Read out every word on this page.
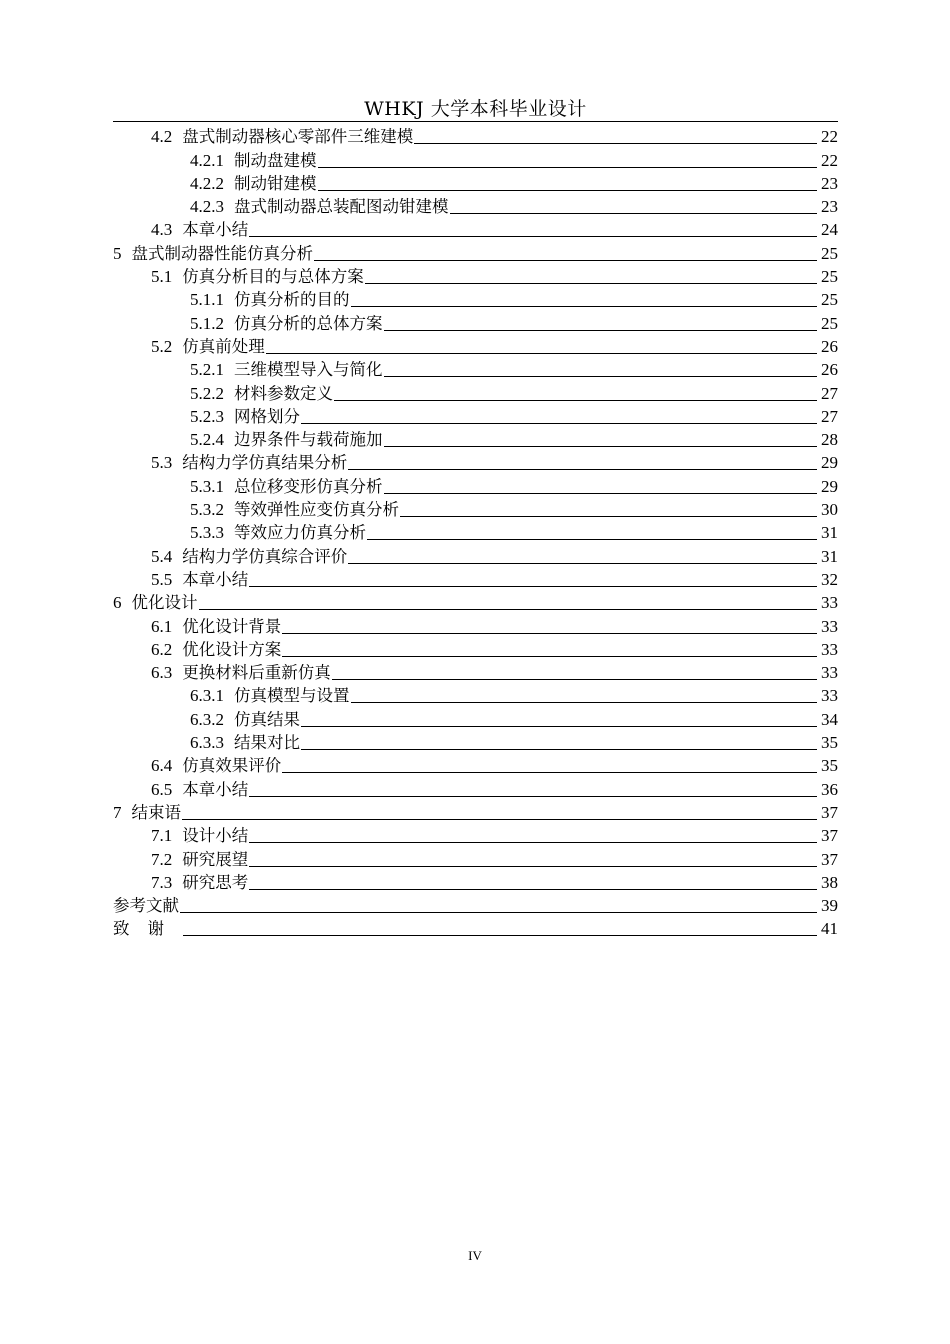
WHKJ 大学本科毕业设计
4.2 盘式制动器核心零部件三维建模	22
4.2.1 制动盘建模	22
4.2.2 制动钳建模	23
4.2.3 盘式制动器总装配图动钳建模	23
4.3 本章小结	24
5 盘式制动器性能仿真分析	25
5.1 仿真分析目的与总体方案	25
5.1.1 仿真分析的目的	25
5.1.2 仿真分析的总体方案	25
5.2 仿真前处理	26
5.2.1 三维模型导入与简化	26
5.2.2 材料参数定义	27
5.2.3 网格划分	27
5.2.4 边界条件与载荷施加	28
5.3 结构力学仿真结果分析	29
5.3.1 总位移变形仿真分析	29
5.3.2 等效弹性应变仿真分析	30
5.3.3 等效应力仿真分析	31
5.4 结构力学仿真综合评价	31
5.5 本章小结	32
6 优化设计	33
6.1 优化设计背景	33
6.2 优化设计方案	33
6.3 更换材料后重新仿真	33
6.3.1 仿真模型与设置	33
6.3.2 仿真结果	34
6.3.3 结果对比	35
6.4 仿真效果评价	35
6.5 本章小结	36
7 结束语	37
7.1 设计小结	37
7.2 研究展望	37
7.3 研究思考	38
参考文献	39
致谢	41
IV
